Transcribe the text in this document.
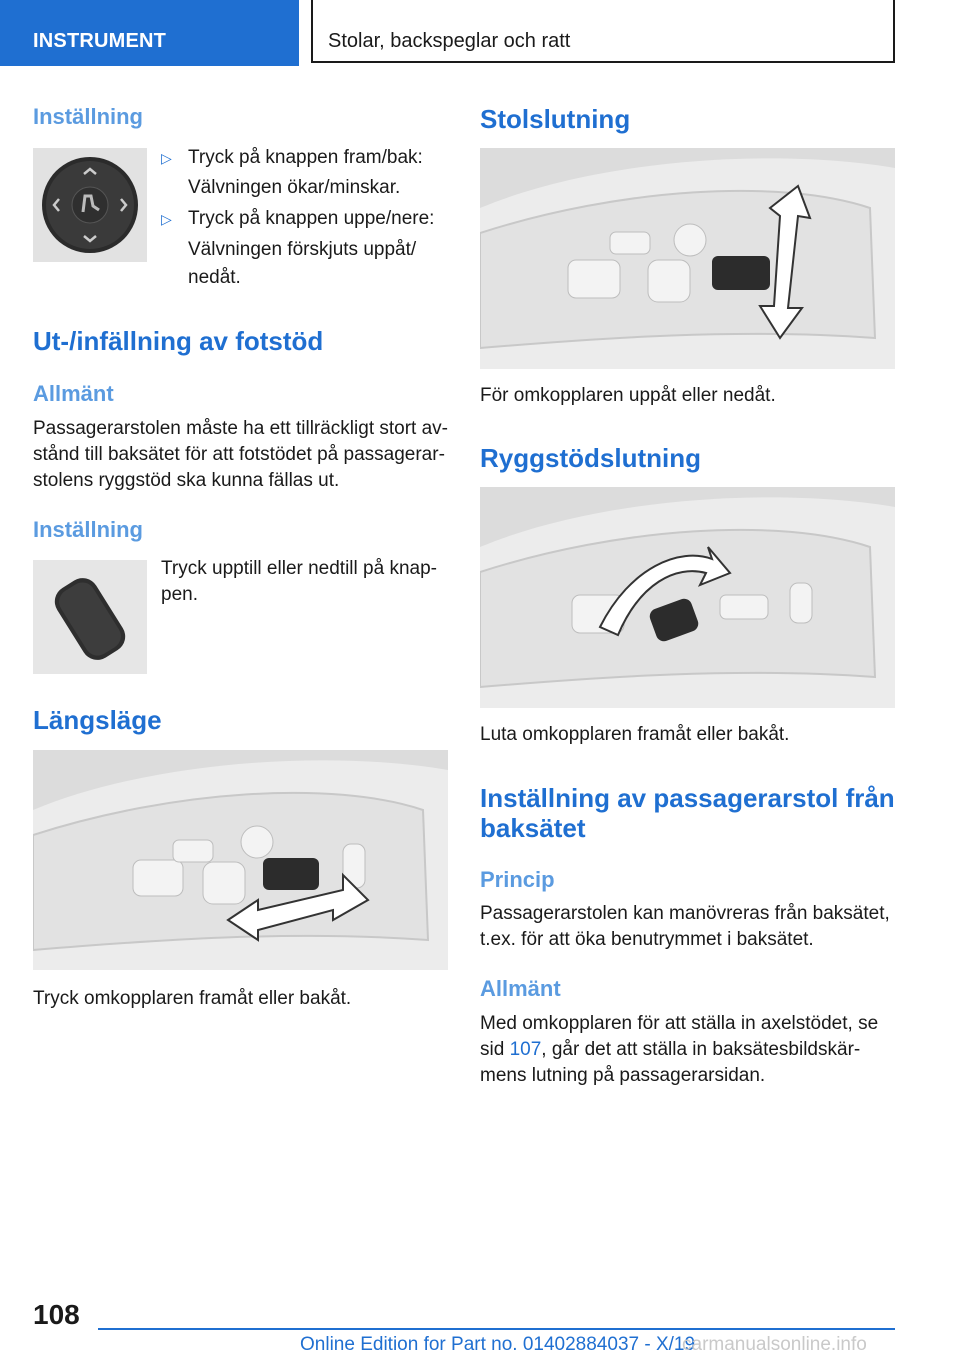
INSTRUMENT	Stolar, backspeglar och ratt
Inställning
▷ Tryck på knappen fram/bak:
Välvningen ökar/minskar.
▷ Tryck på knappen uppe/nere:
Välvningen förskjuts uppåt/
nedåt.
Ut-/infällning av fotstöd
Allmänt
Passagerarstolen måste ha ett tillräckligt stort av-
stånd till baksätet för att fotstödet på passagerar-
stolens ryggstöd ska kunna fällas ut.
Inställning
Tryck upptill eller nedtill på knap-
pen.
Längsläge
Tryck omkopplaren framåt eller bakåt.
Stolslutning
För omkopplaren uppåt eller nedåt.
Ryggstödslutning
Luta omkopplaren framåt eller bakåt.
Inställning av passagerarstol från
baksätet
Princip
Passagerarstolen kan manövreras från baksätet,
t.ex. för att öka benutrymmet i baksätet.
Allmänt
Med omkopplaren för att ställa in axelstödet, se
sid 107, går det att ställa in baksätesbildskär-
mens lutning på passagerarsidan.
108
Online Edition for Part no. 01402884037 - X/19
carmanualsonline.info
